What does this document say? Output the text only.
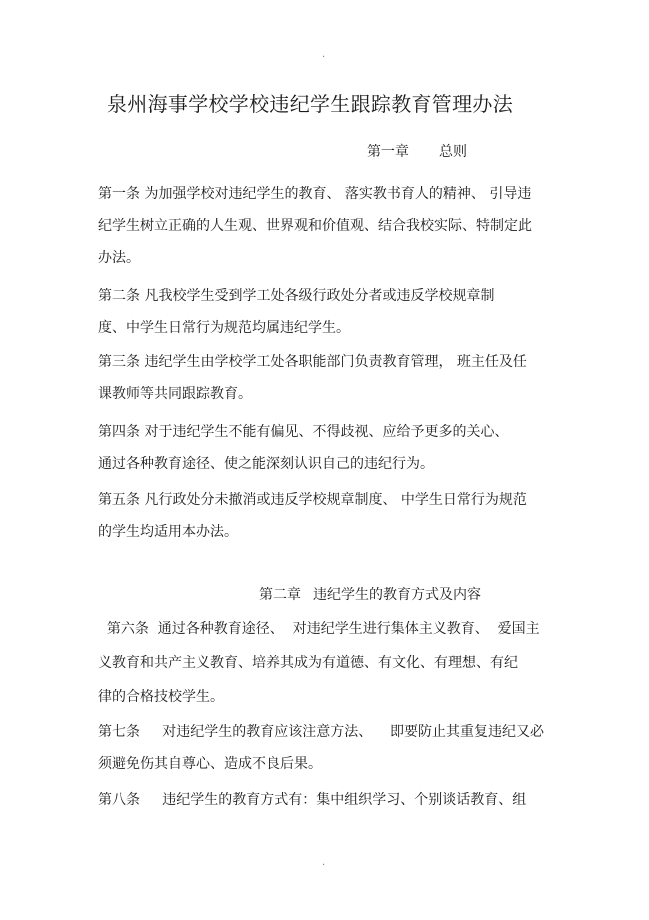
.
泉州海事学校学校违纪学生跟踪教育管理办法
第一章 总则

第一条 为加强学校对违纪学生的教育、 落实教书育人的精神、 引导违
纪学生树立正确的人生观、世界观和价值观、结合我校实际、特制定此
办法。

第二条 凡我校学生受到学工处各级行政处分者或违反学校规章制
度、中学生日常行为规范均属违纪学生。

第三条 违纪学生由学校学工处各职能部门负责教育管理， 班主任及任
课教师等共同跟踪教育。

第四条 对于违纪学生不能有偏见、不得歧视、应给予更多的关心、
通过各种教育途径、使之能深刻认识自己的违纪行为。

第五条 凡行政处分未撤消或违反学校规章制度、 中学生日常行为规范
的学生均适用本办法。

第二章 违纪学生的教育方式及内容

第六条  通过各种教育途径、  对违纪学生进行集体主义教育、  爱国主
义教育和共产主义教育、培养其成为有道德、有文化、有理想、有纪
律的合格技校学生。

第七条     对违纪学生的教育应该注意方法、    即要防止其重复违纪又必
须避免伤其自尊心、造成不良后果。

第八条     违纪学生的教育方式有：集中组织学习、个别谈话教育、组

.
